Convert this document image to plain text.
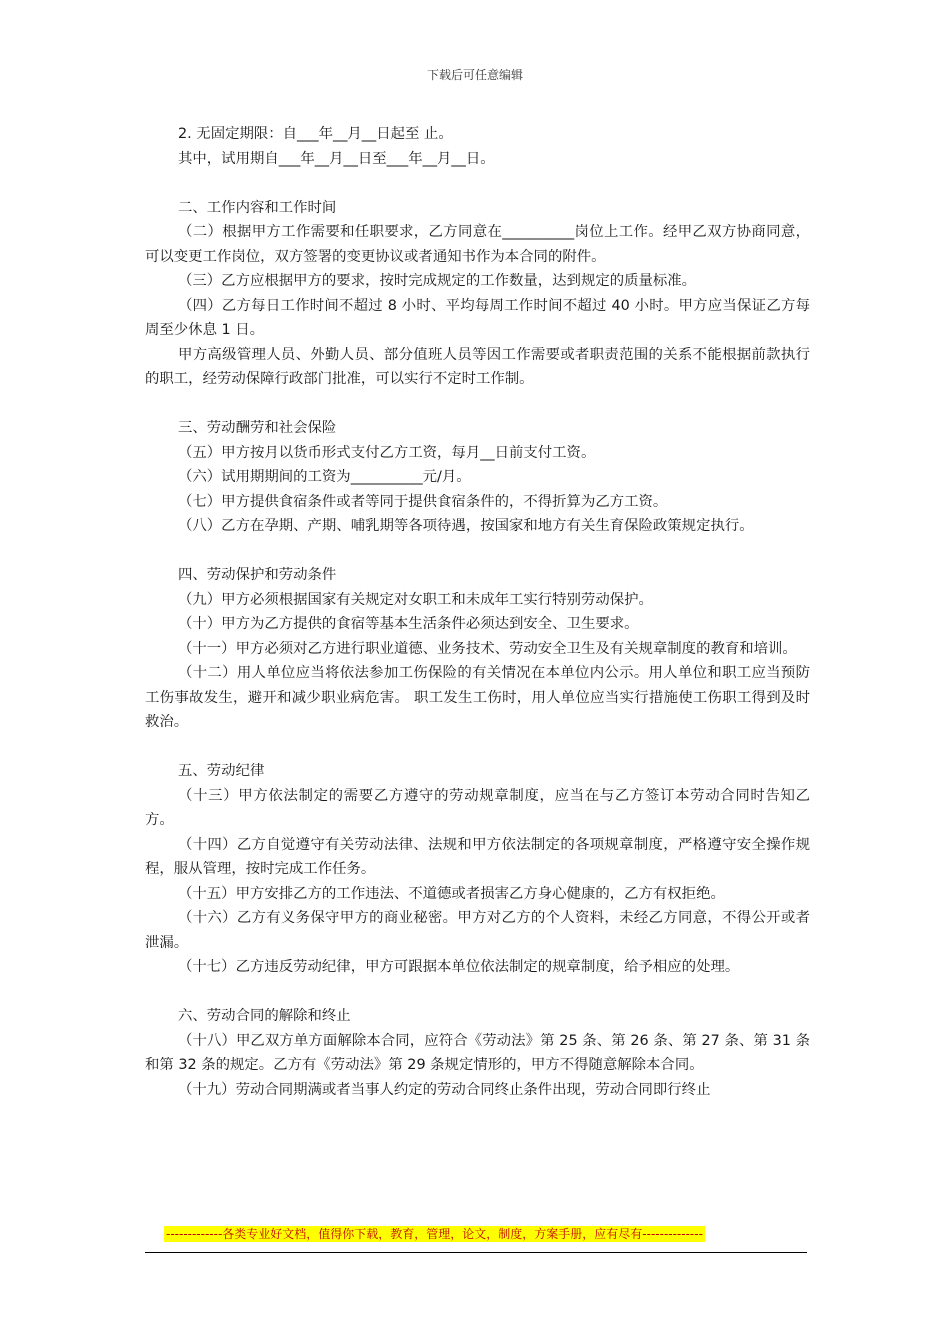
下载后可任意编辑

2. 无固定期限：自___年__月__日起至 止。

其中，试用期自___年__月__日至___年__月__日。

二、工作内容和工作时间

（二）根据甲方工作需要和任职要求，乙方同意在__________岗位上工作。经甲乙双方协商同意，可以变更工作岗位，双方签署的变更协议或者通知书作为本合同的附件。

（三）乙方应根据甲方的要求，按时完成规定的工作数量，达到规定的质量标准。

（四）乙方每日工作时间不超过 8 小时、平均每周工作时间不超过 40 小时。甲方应当保证乙方每周至少休息 1 日。

甲方高级管理人员、外勤人员、部分值班人员等因工作需要或者职责范围的关系不能根据前款执行的职工，经劳动保障行政部门批准，可以实行不定时工作制。

三、劳动酬劳和社会保险

（五）甲方按月以货币形式支付乙方工资，每月__日前支付工资。

（六）试用期期间的工资为__________元/月。

（七）甲方提供食宿条件或者等同于提供食宿条件的，不得折算为乙方工资。

（八）乙方在孕期、产期、哺乳期等各项待遇，按国家和地方有关生育保险政策规定执行。

四、劳动保护和劳动条件

（九）甲方必须根据国家有关规定对女职工和未成年工实行特别劳动保护。

（十）甲方为乙方提供的食宿等基本生活条件必须达到安全、卫生要求。

（十一）甲方必须对乙方进行职业道德、业务技术、劳动安全卫生及有关规章制度的教育和培训。

（十二）用人单位应当将依法参加工伤保险的有关情况在本单位内公示。用人单位和职工应当预防工伤事故发生，避开和减少职业病危害。 职工发生工伤时，用人单位应当实行措施使工伤职工得到及时救治。

五、劳动纪律

（十三）甲方依法制定的需要乙方遵守的劳动规章制度，应当在与乙方签订本劳动合同时告知乙方。

（十四）乙方自觉遵守有关劳动法律、法规和甲方依法制定的各项规章制度，严格遵守安全操作规程，服从管理，按时完成工作任务。

（十五）甲方安排乙方的工作违法、不道德或者损害乙方身心健康的，乙方有权拒绝。

（十六）乙方有义务保守甲方的商业秘密。甲方对乙方的个人资料，未经乙方同意，不得公开或者泄漏。

（十七）乙方违反劳动纪律，甲方可跟据本单位依法制定的规章制度，给予相应的处理。

六、劳动合同的解除和终止

（十八）甲乙双方单方面解除本合同，应符合《劳动法》第 25 条、第 26 条、第 27 条、第 31 条和第 32 条的规定。乙方有《劳动法》第 29 条规定情形的，甲方不得随意解除本合同。

（十九）劳动合同期满或者当事人约定的劳动合同终止条件出现，劳动合同即行终止

-------------各类专业好文档，值得你下载，教育，管理，论文，制度，方案手册，应有尽有--------------
